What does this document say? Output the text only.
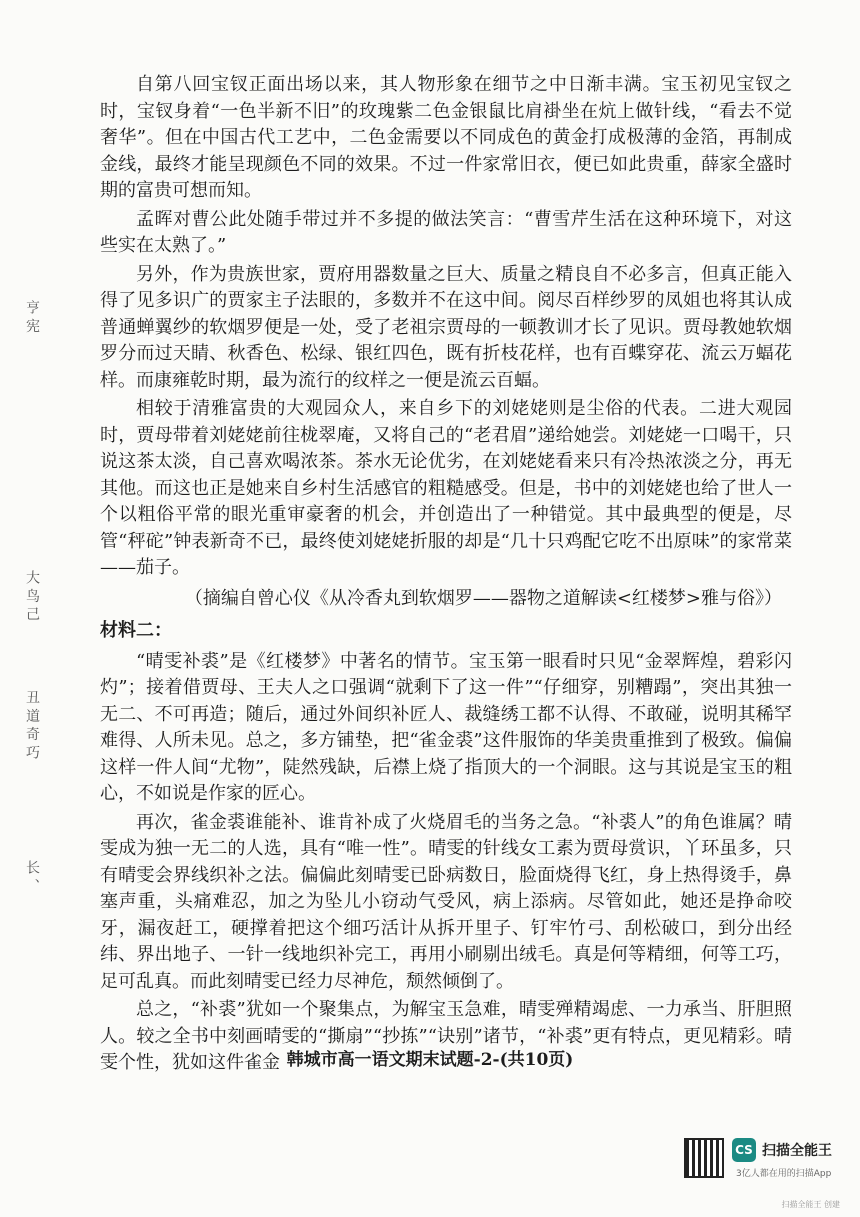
亨 宪
大 鸟 己
丑 道 奇 巧
长 、

自第八回宝钗正面出场以来，其人物形象在细节之中日渐丰满。宝玉初见宝钗之时，宝钗身着“一色半新不旧”的玫瑰紫二色金银鼠比肩褂坐在炕上做针线，“看去不觉奢华”。但在中国古代工艺中，二色金需要以不同成色的黄金打成极薄的金箔，再制成金线，最终才能呈现颜色不同的效果。不过一件家常旧衣，便已如此贵重，薛家全盛时期的富贵可想而知。

孟晖对曹公此处随手带过并不多提的做法笑言：“曹雪芹生活在这种环境下，对这些实在太熟了。”

另外，作为贵族世家，贾府用器数量之巨大、质量之精良自不必多言，但真正能入得了见多识广的贾家主子法眼的，多数并不在这中间。阅尽百样纱罗的凤姐也将其认成普通蝉翼纱的软烟罗便是一处，受了老祖宗贾母的一顿教训才长了见识。贾母教她软烟罗分而过天睛、秋香色、松绿、银红四色，既有折枝花样，也有百蝶穿花、流云万蝠花样。而康雍乾时期，最为流行的纹样之一便是流云百蝠。

相较于清雅富贵的大观园众人，来自乡下的刘姥姥则是尘俗的代表。二进大观园时，贾母带着刘姥姥前往栊翠庵，又将自己的“老君眉”递给她尝。刘姥姥一口喝干，只说这茶太淡，自己喜欢喝浓茶。茶水无论优劣，在刘姥姥看来只有冷热浓淡之分，再无其他。而这也正是她来自乡村生活感官的粗糙感受。但是，书中的刘姥姥也给了世人一个以粗俗平常的眼光重审豪奢的机会，并创造出了一种错觉。其中最典型的便是，尽管“秤砣”钟表新奇不已，最终使刘姥姥折服的却是“几十只鸡配它吃不出原味”的家常菜——茄子。

（摘编自曾心仪《从冷香丸到软烟罗——器物之道解读<红楼梦>雅与俗》）

材料二：

“晴雯补裘”是《红楼梦》中著名的情节。宝玉第一眼看时只见“金翠辉煌，碧彩闪灼”；接着借贾母、王夫人之口强调“就剩下了这一件”“仔细穿，别糟蹋”，突出其独一无二、不可再造；随后，通过外间织补匠人、裁缝绣工都不认得、不敢碰，说明其稀罕难得、人所未见。总之，多方铺垫，把“雀金裘”这件服饰的华美贵重推到了极致。偏偏这样一件人间“尤物”，陡然残缺，后襟上烧了指顶大的一个洞眼。这与其说是宝玉的粗心，不如说是作家的匠心。

再次，雀金裘谁能补、谁肯补成了火烧眉毛的当务之急。“补裘人”的角色谁属？晴雯成为独一无二的人选，具有“唯一性”。晴雯的针线女工素为贾母赏识，丫环虽多，只有晴雯会界线织补之法。偏偏此刻晴雯已卧病数日，脸面烧得飞红，身上热得烫手，鼻塞声重，头痛难忍，加之为坠儿小窃动气受风，病上添病。尽管如此，她还是挣命咬牙，漏夜赶工，硬撑着把这个细巧活计从拆开里子、钉牢竹弓、刮松破口，到分出经纬、界出地子、一针一线地织补完工，再用小刷剔出绒毛。真是何等精细，何等工巧，足可乱真。而此刻晴雯已经力尽神危，颓然倾倒了。

总之，“补裘”犹如一个聚集点，为解宝玉急难，晴雯殚精竭虑、一力承当、肝胆照人。较之全书中刻画晴雯的“撕扇”“抄拣”“诀别”诸节，“补裘”更有特点，更见精彩。晴雯个性，犹如这件雀金 韩城市高一语文期末试题-2-(共10页)
CS 扫描全能王
3亿人都在用的扫描App
扫描全能王 创建
